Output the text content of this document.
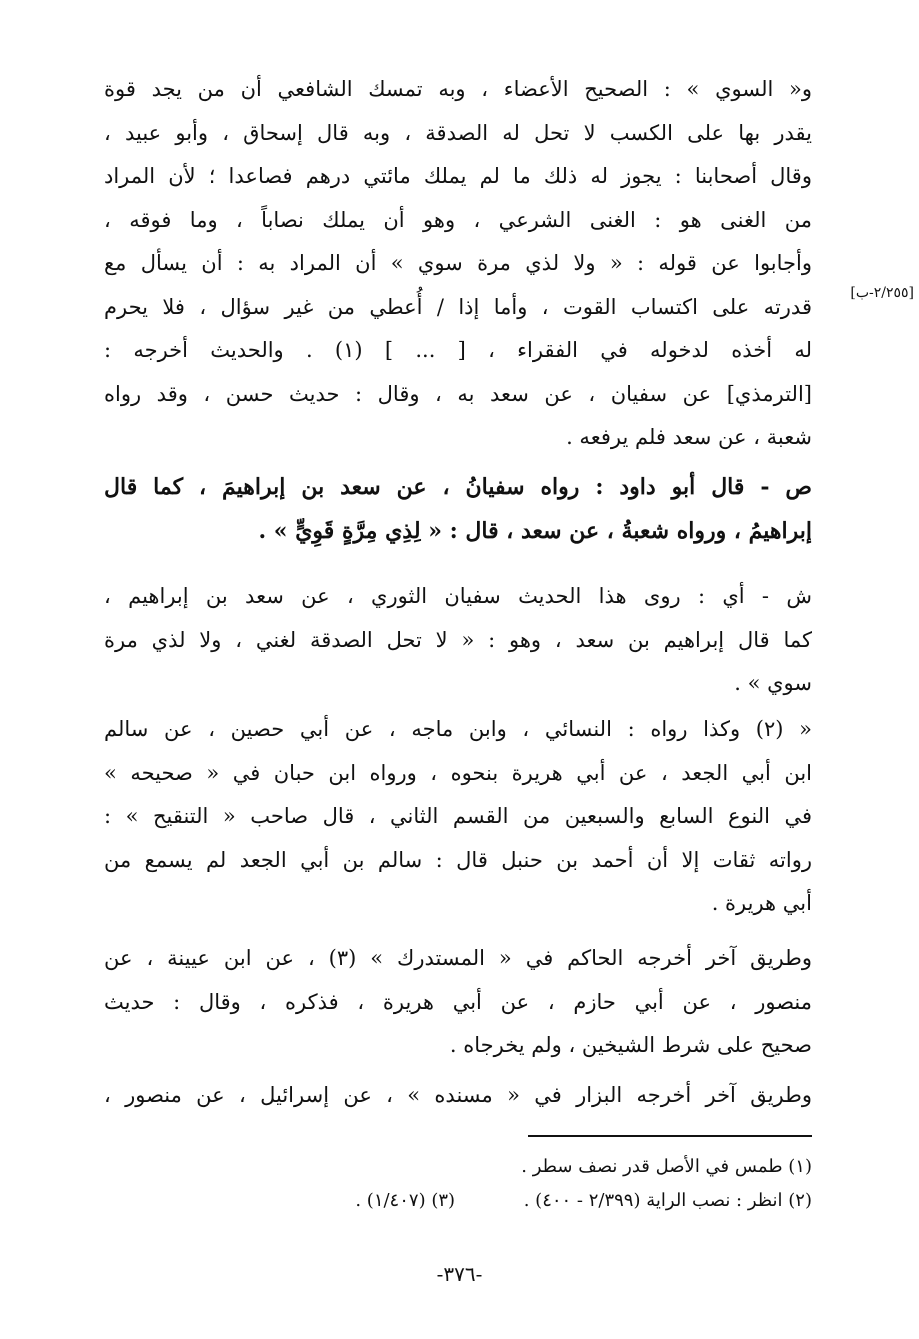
[٢/٢٥٥-ب]
و« السوي » : الصحيح الأعضاء ، وبه تمسك الشافعي أن من يجد قوة
يقدر بها على الكسب لا تحل له الصدقة ، وبه قال إسحاق ، وأبو عبيد ،
وقال أصحابنا : يجوز له ذلك ما لم يملك مائتي درهم فصاعدا ؛ لأن المراد
من الغنى هو : الغنى الشرعي ، وهو أن يملك نصاباً ، وما فوقه ،
وأجابوا عن قوله : « ولا لذي مرة سوي » أن المراد به : أن يسأل مع
قدرته على اكتساب القوت ، وأما إذا / أُعطي من غير سؤال ، فلا يحرم
له أخذه لدخوله في الفقراء ، [ ... ] (١) . والحديث أخرجه :
[الترمذي] عن سفيان ، عن سعد به ، وقال : حديث حسن ، وقد رواه
شعبة ، عن سعد فلم يرفعه .
ص - قال أبو داود : رواه سفيانُ ، عن سعد بن إبراهيمَ ، كما قال
إبراهيمُ ، ورواه شعبةُ ، عن سعد ، قال : « لِذِي مِرَّةٍ قَوِيٍّ » .
ش - أي : روى هذا الحديث سفيان الثوري ، عن سعد بن إبراهيم ،
كما قال إبراهيم بن سعد ، وهو : « لا تحل الصدقة لغني ، ولا لذي مرة
سوي » .
« (٢) وكذا رواه : النسائي ، وابن ماجه ، عن أبي حصين ، عن سالم
ابن أبي الجعد ، عن أبي هريرة بنحوه ، ورواه ابن حبان في « صحيحه »
في النوع السابع والسبعين من القسم الثاني ، قال صاحب « التنقيح » :
رواته ثقات إلا أن أحمد بن حنبل قال : سالم بن أبي الجعد لم يسمع من
أبي هريرة .
وطريق آخر أخرجه الحاكم في « المستدرك » (٣) ، عن ابن عيينة ، عن
منصور ، عن أبي حازم ، عن أبي هريرة ، فذكره ، وقال : حديث
صحيح على شرط الشيخين ، ولم يخرجاه .
وطريق آخر أخرجه البزار في « مسنده » ، عن إسرائيل ، عن منصور ،
(١) طمس في الأصل قدر نصف سطر .
(٢) انظر : نصب الراية (٢/٣٩٩ - ٤٠٠) .            (٣) (١/٤٠٧) .
-٣٧٦-
